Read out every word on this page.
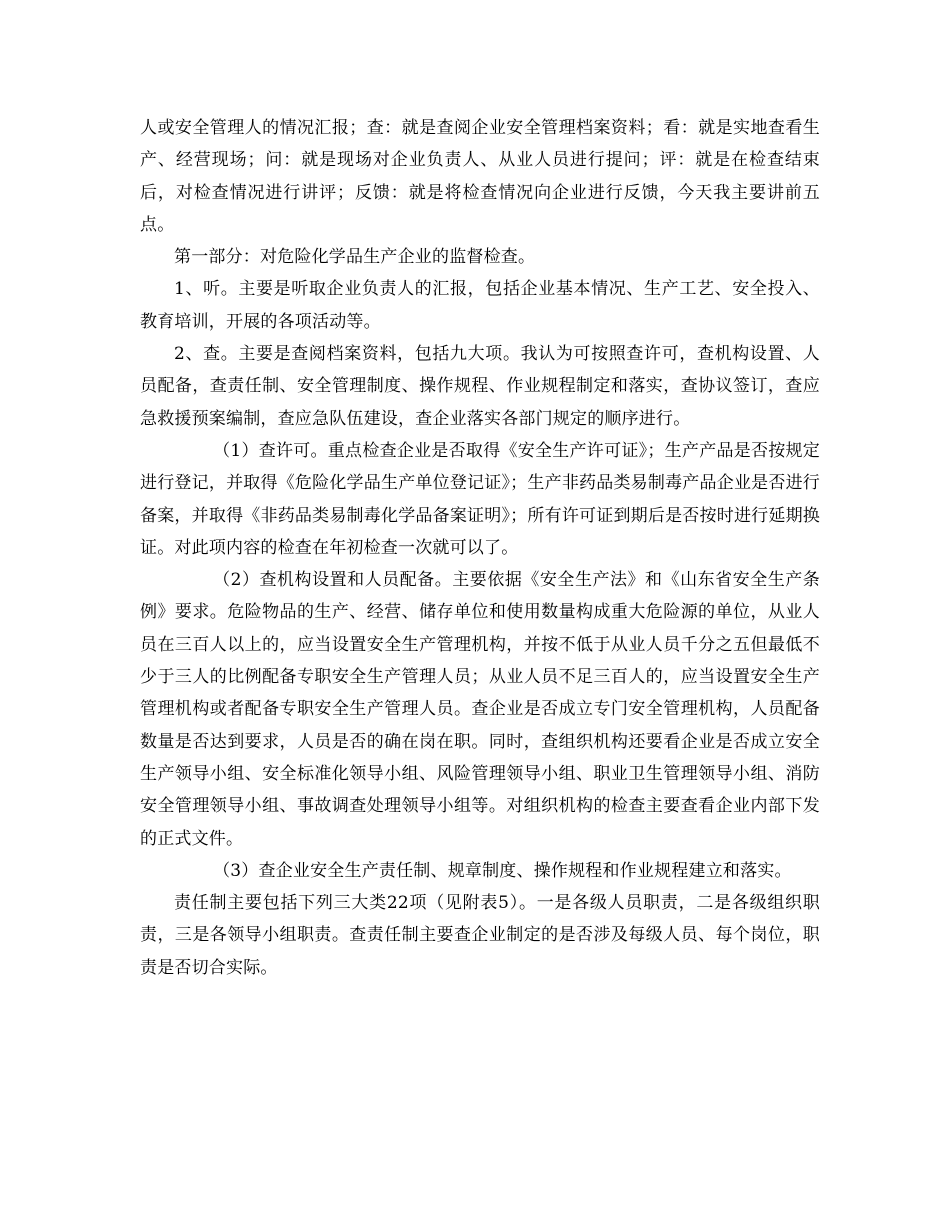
人或安全管理人的情况汇报；查：就是查阅企业安全管理档案资料；看：就是实地查看生产、经营现场；问：就是现场对企业负责人、从业人员进行提问；评：就是在检查结束后，对检查情况进行讲评；反馈：就是将检查情况向企业进行反馈，今天我主要讲前五点。

第一部分：对危险化学品生产企业的监督检查。

1、听。主要是听取企业负责人的汇报，包括企业基本情况、生产工艺、安全投入、教育培训，开展的各项活动等。

2、查。主要是查阅档案资料，包括九大项。我认为可按照查许可，查机构设置、人员配备，查责任制、安全管理制度、操作规程、作业规程制定和落实，查协议签订，查应急救援预案编制，查应急队伍建设，查企业落实各部门规定的顺序进行。

（1）查许可。重点检查企业是否取得《安全生产许可证》；生产产品是否按规定进行登记，并取得《危险化学品生产单位登记证》；生产非药品类易制毒产品企业是否进行备案，并取得《非药品类易制毒化学品备案证明》；所有许可证到期后是否按时进行延期换证。对此项内容的检查在年初检查一次就可以了。

（2）查机构设置和人员配备。主要依据《安全生产法》和《山东省安全生产条例》要求。危险物品的生产、经营、储存单位和使用数量构成重大危险源的单位，从业人员在三百人以上的，应当设置安全生产管理机构，并按不低于从业人员千分之五但最低不少于三人的比例配备专职安全生产管理人员；从业人员不足三百人的，应当设置安全生产管理机构或者配备专职安全生产管理人员。查企业是否成立专门安全管理机构，人员配备数量是否达到要求，人员是否的确在岗在职。同时，查组织机构还要看企业是否成立安全生产领导小组、安全标准化领导小组、风险管理领导小组、职业卫生管理领导小组、消防安全管理领导小组、事故调查处理领导小组等。对组织机构的检查主要查看企业内部下发的正式文件。

（3）查企业安全生产责任制、规章制度、操作规程和作业规程建立和落实。

责任制主要包括下列三大类22项（见附表5）。一是各级人员职责，二是各级组织职责，三是各领导小组职责。查责任制主要查企业制定的是否涉及每级人员、每个岗位，职责是否切合实际。
